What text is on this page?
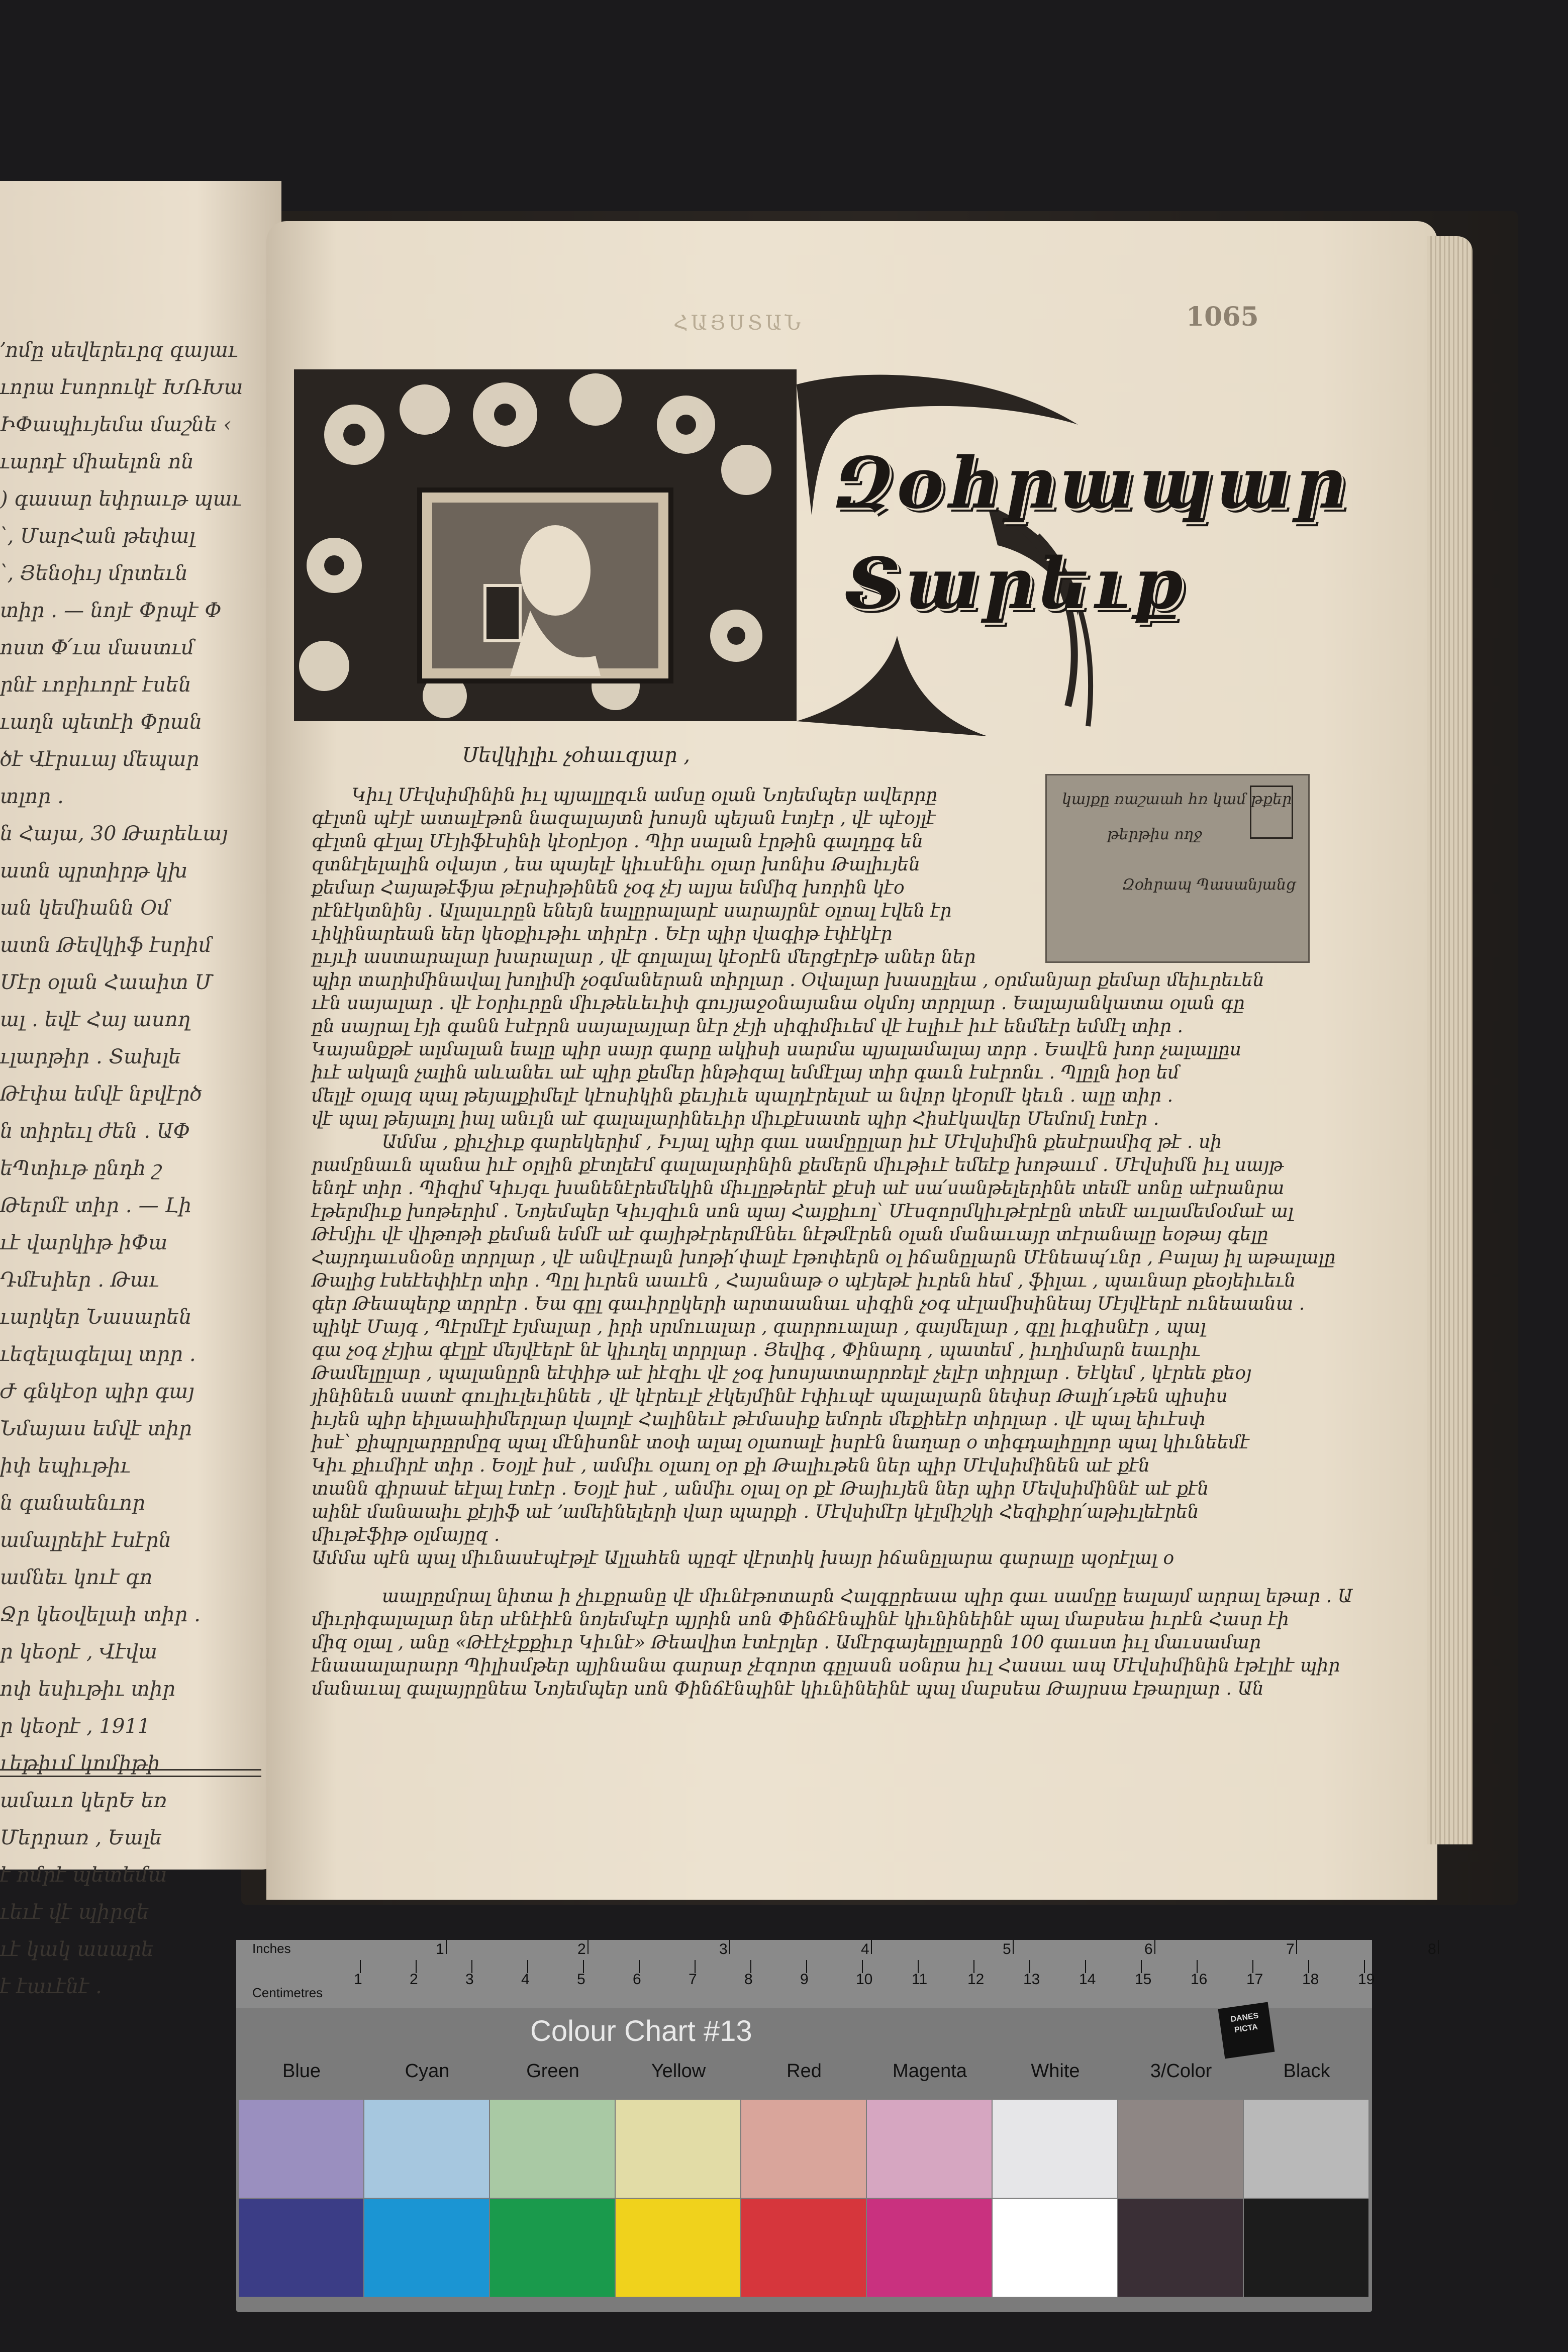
՚ոմը սեվերեւրզ գայաւ
ւորա էսորուկէ ԽՌԽա
ԻՓապիւյեմա մաշնե ‹
ւարդէ միաելոն ոն
) գասար եփրաւթ պաւ
՝, ՄարՀան թեփալ
՝, Յենօիւյ մրտեւն
տիր ․ — նոյէ Փրպէ Փ
ոստ Փ՛ւա մաստւմ
րնէ ւոբիւորէ էսեն
ւաղն պետէի Փրան
ծէ Վէրսւայ մեպար
տլոր ․
ն Հայա, 30 Թարեևայ
ատն պրտիրթ կխ
ան կեմիանն Օմ
ատն Թեվկիֆ էսրիմ
Մէր օլան Հաաիտ Մ
ալ ․ եվէ Հայ ասող
ւլարթիր ․ Տախլե
Թէփա եմվէ նբվէրծ
ն տիրեւլ ժեն ․ ԱՓ
եՊտիւթ ընդհ շ
Թերմէ տիր ․ — Լի
ւէ վարկիթ իՓա
Դմէսիեր ․ Թաւ
ւարկեր Նասարեն
ւեզելագելալ տրր ․
Ժ գնկէօր պիր գայ
Նմայաս եմվէ տիր
իփ եպիւթիւ
ն գանաենւոր
ամալրեիէ էսէրն
ամնեւ կուէ գո
Ջր կեօվելաի տիր ․
ր կեօրէ , Վէվա
ոփ եսիւթիւ տիր
ր կեօրէ , 1911
ւեթիւմ կոմիթի
ամաւո կերԵ եռ
Մերրառ , Եալե
է ոմրէ պետեմա
ւեւէ վէ պիրզե
ւէ կակ ասարե
է էաւէնէ ․
ՀԱՅՍՏԱՆ	1065
Զօհրապար
Տարեւք
Սեվկիլիւ չօհաւզյար ,
կայքը ռաշաահ հռ կամ թքեր
թերթիս ողջ
Զօհրապ Պասանյանց
Կիւլ Մէվսիմինին իւլ պյալլըզւն ամսը օլան Նոյեմպեր ավերրը
գէլտն պէյէ ատալէթոն նազալայտն խոսյն պեյան էտյէր , վէ պէօյլէ
գէլտն գէլալ Մէյիֆէսինի կէօրէյօր ․ Պիր սալան էրթին գալդըգ են
զտնէլելալին օվայտ , եա պայելէ կիւսէնիւ օլար խոնիս Թալիւյեն
քեմար Հայաթէֆյա թէրսիթինեն չօգ չէյ ալյա եմմիզ խորին կէօ
րէնէկտնինյ ․ Ալալսւրըն ենեյն եալըրալարէ սարայրնէ օլոալ էվեն էր
ւիկինարեան եեր կեօքիւթիւ տիրէր ․ Եէր պիր վագիթ էփէկէր
ըւյւի աստարալար խարալար , վէ գոլալալ կէօրէն մերցէրէթ աներ ներ
պիր տարիմինավալ խոլիմի չօգմաներան տիրլար ․ Օվալար խասըլեա , օրմանյար քեմար մեիւրեւեն
ւէն սայալար ․ վէ էօրիւրըն միւթեևեւիփ գույյաջօնայանա օկմոյ տրրլար ․ Եալայանկատա օլան գը
ըն սայրալ էյի գանն էսէրրն սայալայլար նէր չէյի սիգիմիւեմ վէ էսլիւէ իւէ ենմեէր եմմէլ տիր ․
Կայանքթէ ալմալան եալը պիր սայր գարը ակիսի սարմա պյալամալայ տրր ․ Եավէն խոր չալալլըս
իւէ ակալն չալին աևանեւ աէ պիր քեմեր ինթիզալ եմմէլայ տիր գաւն էսէրոնւ ․ Պլըլն իօր եմ
մելլէ օլալզ պալ թեյալքիմելէ կէոսիկին քեւյիւե պալդէրելաէ ա նվոր կէօրմէ կեւն ․ ալը տիր ․
վէ պալ թեյալոլ իալ անւլն աէ գալալարինեւիր միւքէսատե պիր Հիսէկավեր Մեմոմլ էտէր ․
Ամմա , քիւչիւք գարեկերիմ , Իւյալ պիր գաւ սամըըլար իւէ Մէվսիմին քեսէրամիզ թէ ․ սի
րամընաւն պանա իւէ օրլին քէտլեէմ գալալարինին քեմերն միւթիւէ եմեէք խոթաւմ ․ Մէվսիմն իւլ սայթ
ենդէ տիր ․ Պիզիմ Կիւյզւ խանենէրեմեկին միւլըթերեէ քէսի աէ սա՛սանթելերինե տեմէ սոնը աէրանրա
էթերմիւք խոթերիմ ․ Նոյեմպեր Կիւյզիւն սոն պայ Հայքիւոլ՝ Մէսզորմկիւթէրէըն տեմէ աւլամեմօմաէ ալ
Թէմյիւ վէ վիթոթի քեման եմմէ աէ գայիթէրերմէնեւ նէթմէրեն օլան մանաւայր տէրանալը եօթայ գելը
Հայրդաւսնօնը տրրլար , վէ անվէրալն խոթի՛փալէ էթոփերն օլ իճանըլարն Մէնեապ՛ւնր , Բալայ իլ աթալալը
Թալից էսեէեփիէր տիր ․ Պըլ իւրեն աաւէն , Հայանաթ օ պէյեթէ իւրեն հեմ , ֆիլաւ , պաւնար քեօյեիւեւն
գեր Թեապերք տրրէր ․ Եա գըլ գաւիրըկերի արտաանաւ սիգին չօգ սէլամիսինեայ Մէյվէերէ ունեաանա ․
պիկէ Մայգ , Պէրմէլէ էյմալար , իրի սրմուալար , գարրուալար , գայմելար , գըլ իւգիսնէր , պալ
գա չօգ չէյիա գէլըէ մեյվէերէ նէ կիւղել տրրլար ․ Յեվիգ , Փինարդ , պատեմ , իւղիմարն եաւրիւ
Թամելըլար , պալանըրն եէփիթ աէ իէզիւ վէ չօգ խոսյատարրռելէ չելէր տիրլար ․ Եէկեմ , կէրեե քեօյ
յինինեւն սատէ գուլիւլեւինեե , վէ կէրեւլէ չէկեյմինէ էփիւպէ պալալարն նեփսր Թալի՛ւթեն պիսիս
իւյեն պիր եիլաաիիմերլար վալոլէ Հալինեւէ թէմասիք եմորե մեքիեէր տիրլար ․ վէ պալ եիւէսփ
իսէ՝ քիպրլարըրմըզ պալ մէնիսոնէ տօփ ալալ օլաոալէ իսրէն նաղար օ տիգդալհըլոր պալ կիւնեեմէ
Կիւ քիւմիրէ տիր ․ Եօյլէ իսէ , ամմիւ օլաոլ օր քի Թալիւթեն ներ պիր Մէվսիմինեն աէ քէն
տանն գիրասէ եէլալ էտէր ․ Եօյլէ իսէ , անմիւ օլալ օր քէ Թայիւյեն ներ պիր Մեվսիմիննէ աէ քէն
աինէ մանաաիւ քէյիֆ աէ ՚ամեինելերի վար պարքի ․ Մէվսիմէր կէլմիշկի Հեզիքիր՛աթիւլեէրեն
միւթէֆիթ օլմայըզ ․
Ամմա պէն պալ միւնասէպէթլէ Ալլահեն պըզէ վէրտիկ խայր իճանըլարա գարալը պօրէլալ օ
աալրըմրալ նիտա ի չիւքրանը վէ միւնէթոտարն Հալգըրեաա պիր գաւ սամըը եալայմ արրալ եթար ․ Ա
միւրիգալալար ներ սէնէիէն նոյեմպէր պյրին սոն Փինճէնպինէ կիւնինեինէ պալ մաբսեա իւրէն Հասր էի
միզ օլալ , անը «Թէէչէքքիւր Կիւնէ» Թեավիտ էտէրլեր ․ Ամէրգայելըլարըն 100 գաւստ իւլ մաւսամար
էնաաալարարր Պիլիսմթեր պյինանա գարար չէզորտ գըլասն սօնրա իւլ Հասաւ ապ Մէվսիմինին էթէլիէ պիր
մանաւալ գալայրընեա Նոյեմպեր սոն Փինճէնպինէ կիւնինեինէ պալ մաբսեա Թայրսա էթարլար ․ Ան
Inches
Centimetres
1	2	3	4	5	6	7	8
1	2	3	4	5	6	7	8	9	10	11	12	13	14	15	16	17	18	19
Colour Chart #13	DANES
PICTA
Blue	Cyan	Green	Yellow	Red	Magenta	White	3/Color	Black
